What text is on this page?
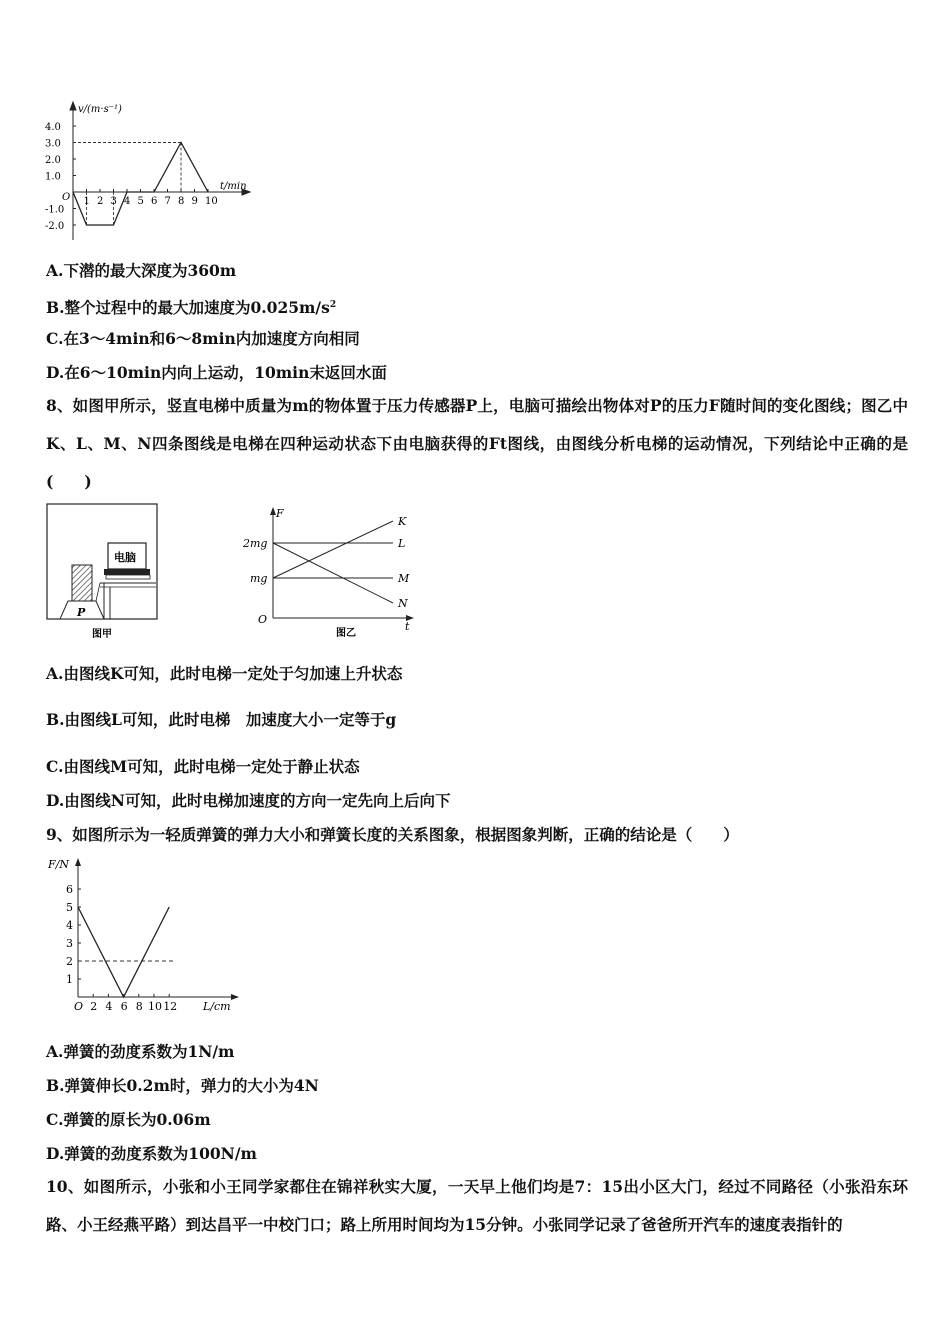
v/(m·s⁻¹)
t/min
O
4.0
3.0
2.0
1.0
-1.0
-2.0
1 2 3 4 5 6 7 8 9 10
A.下潜的最大深度为360m
B.整个过程中的最大加速度为$0.025m/s^2$
C.在3～4min和6～8min内加速度方向相同
D.在6～10min内向上运动，10min末返回水面
8、如图甲所示，竖直电梯中质量为m的物体置于压力传感器P上，电脑可描绘出物体对P的压力F随时间的变化图线；图乙中K、L、M、N四条图线是电梯在四种运动状态下由电脑获得的Ft图线，由图线分析电梯的运动情况，下列结论中正确的是(　　)
P
电脑
图甲
F
t
O
2mg
mg
K
L
M
N
图乙
A.由图线K可知，此时电梯一定处于匀加速上升状态
B.由图线L可知，此时电梯　加速度大小一定等于g
C.由图线M可知，此时电梯一定处于静止状态
D.由图线N可知，此时电梯加速度的方向一定先向上后向下
9、如图所示为一轻质弹簧的弹力大小和弹簧长度的关系图象，根据图象判断，正确的结论是（　　）
F/N
L/cm
O
1
2
3
4
5
6
2 4 6 8 10 12
A.弹簧的劲度系数为1N/m
B.弹簧伸长0.2m时，弹力的大小为4N
C.弹簧的原长为0.06m
D.弹簧的劲度系数为100N/m
10、如图所示，小张和小王同学家都住在锦祥秋实大厦，一天早上他们均是7：15出小区大门，经过不同路径（小张沿东环路、小王经燕平路）到达昌平一中校门口；路上所用时间均为15分钟。小张同学记录了爸爸所开汽车的速度表指针的
